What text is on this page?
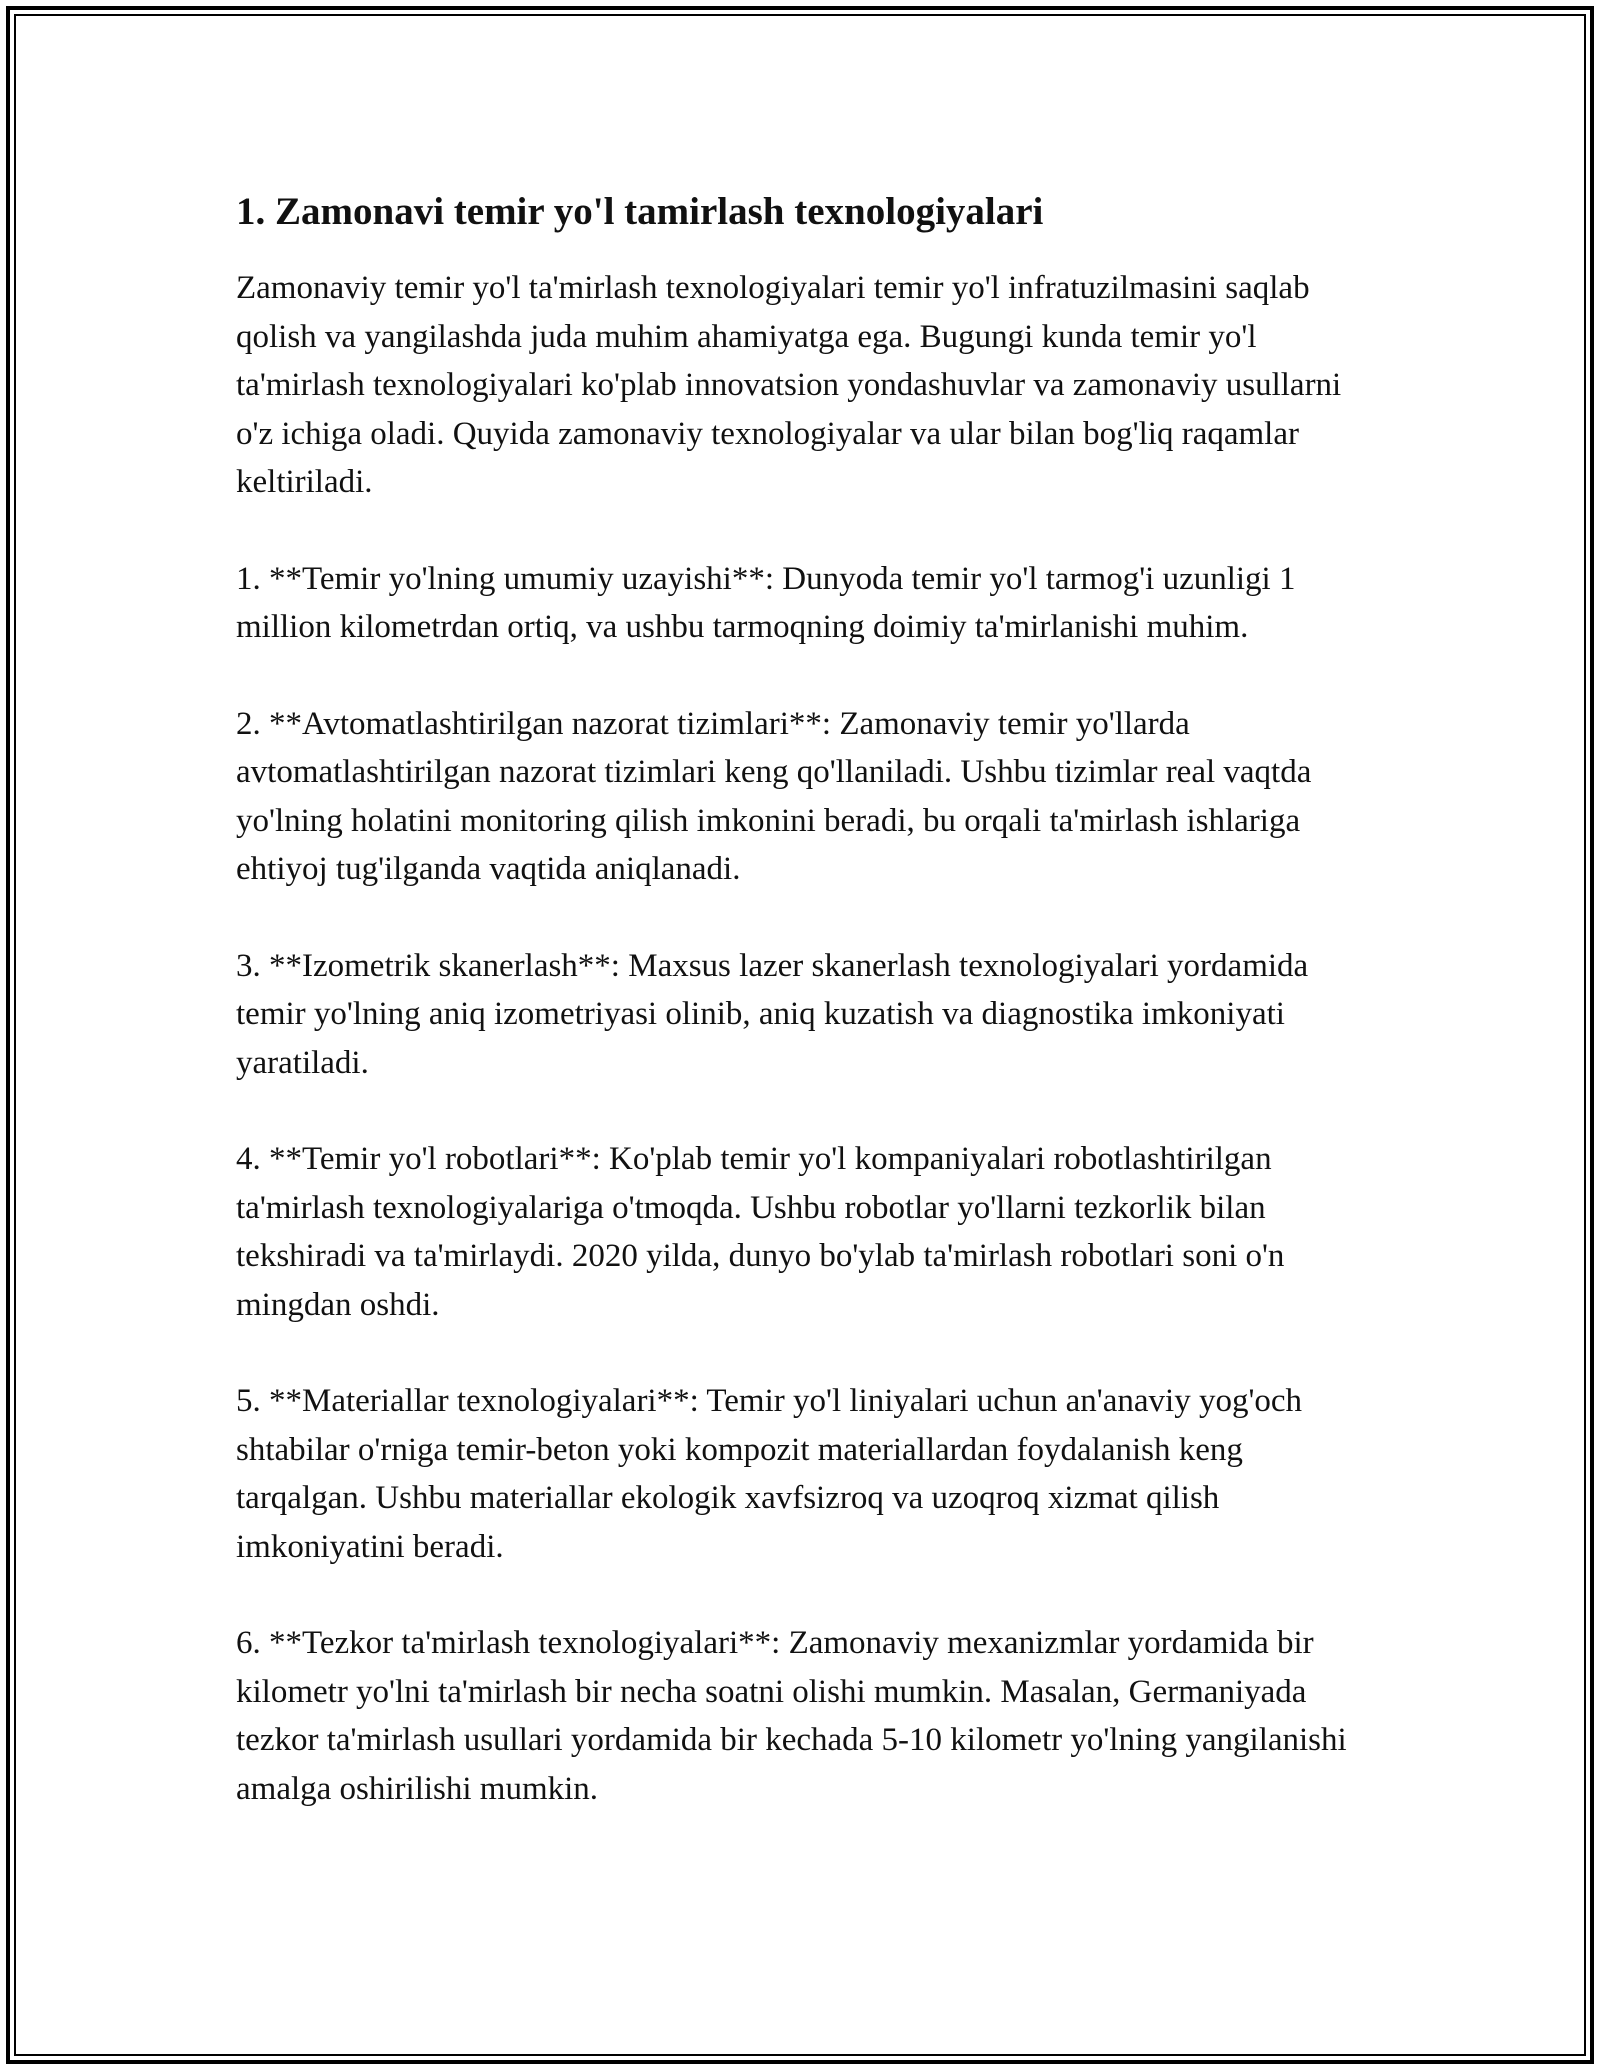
1. Zamonavi temir yo'l tamirlash texnologiyalari

Zamonaviy temir yo'l ta'mirlash texnologiyalari temir yo'l infratuzilmasini saqlab qolish va yangilashda juda muhim ahamiyatga ega. Bugungi kunda temir yo'l ta'mirlash texnologiyalari ko'plab innovatsion yondashuvlar va zamonaviy usullarni o'z ichiga oladi. Quyida zamonaviy texnologiyalar va ular bilan bog'liq raqamlar keltiriladi.

1. **Temir yo'lning umumiy uzayishi**: Dunyoda temir yo'l tarmog'i uzunligi 1 million kilometrdan ortiq, va ushbu tarmoqning doimiy ta'mirlanishi muhim.

2. **Avtomatlashtirilgan nazorat tizimlari**: Zamonaviy temir yo'llarda avtomatlashtirilgan nazorat tizimlari keng qo'llaniladi. Ushbu tizimlar real vaqtda yo'lning holatini monitoring qilish imkonini beradi, bu orqali ta'mirlash ishlariga ehtiyoj tug'ilganda vaqtida aniqlanadi.

3. **Izometrik skanerlash**: Maxsus lazer skanerlash texnologiyalari yordamida temir yo'lning aniq izometriyasi olinib, aniq kuzatish va diagnostika imkoniyati yaratiladi.

4. **Temir yo'l robotlari**: Ko'plab temir yo'l kompaniyalari robotlashtirilgan ta'mirlash texnologiyalariga o'tmoqda. Ushbu robotlar yo'llarni tezkorlik bilan tekshiradi va ta'mirlaydi. 2020 yilda, dunyo bo'ylab ta'mirlash robotlari soni o'n mingdan oshdi.

5. **Materiallar texnologiyalari**: Temir yo'l liniyalari uchun an'anaviy yog'och shtabilar o'rniga temir-beton yoki kompozit materiallardan foydalanish keng tarqalgan. Ushbu materiallar ekologik xavfsizroq va uzoqroq xizmat qilish imkoniyatini beradi.

6. **Tezkor ta'mirlash texnologiyalari**: Zamonaviy mexanizmlar yordamida bir kilometr yo'lni ta'mirlash bir necha soatni olishi mumkin. Masalan, Germaniyada tezkor ta'mirlash usullari yordamida bir kechada 5-10 kilometr yo'lning yangilanishi amalga oshirilishi mumkin.
